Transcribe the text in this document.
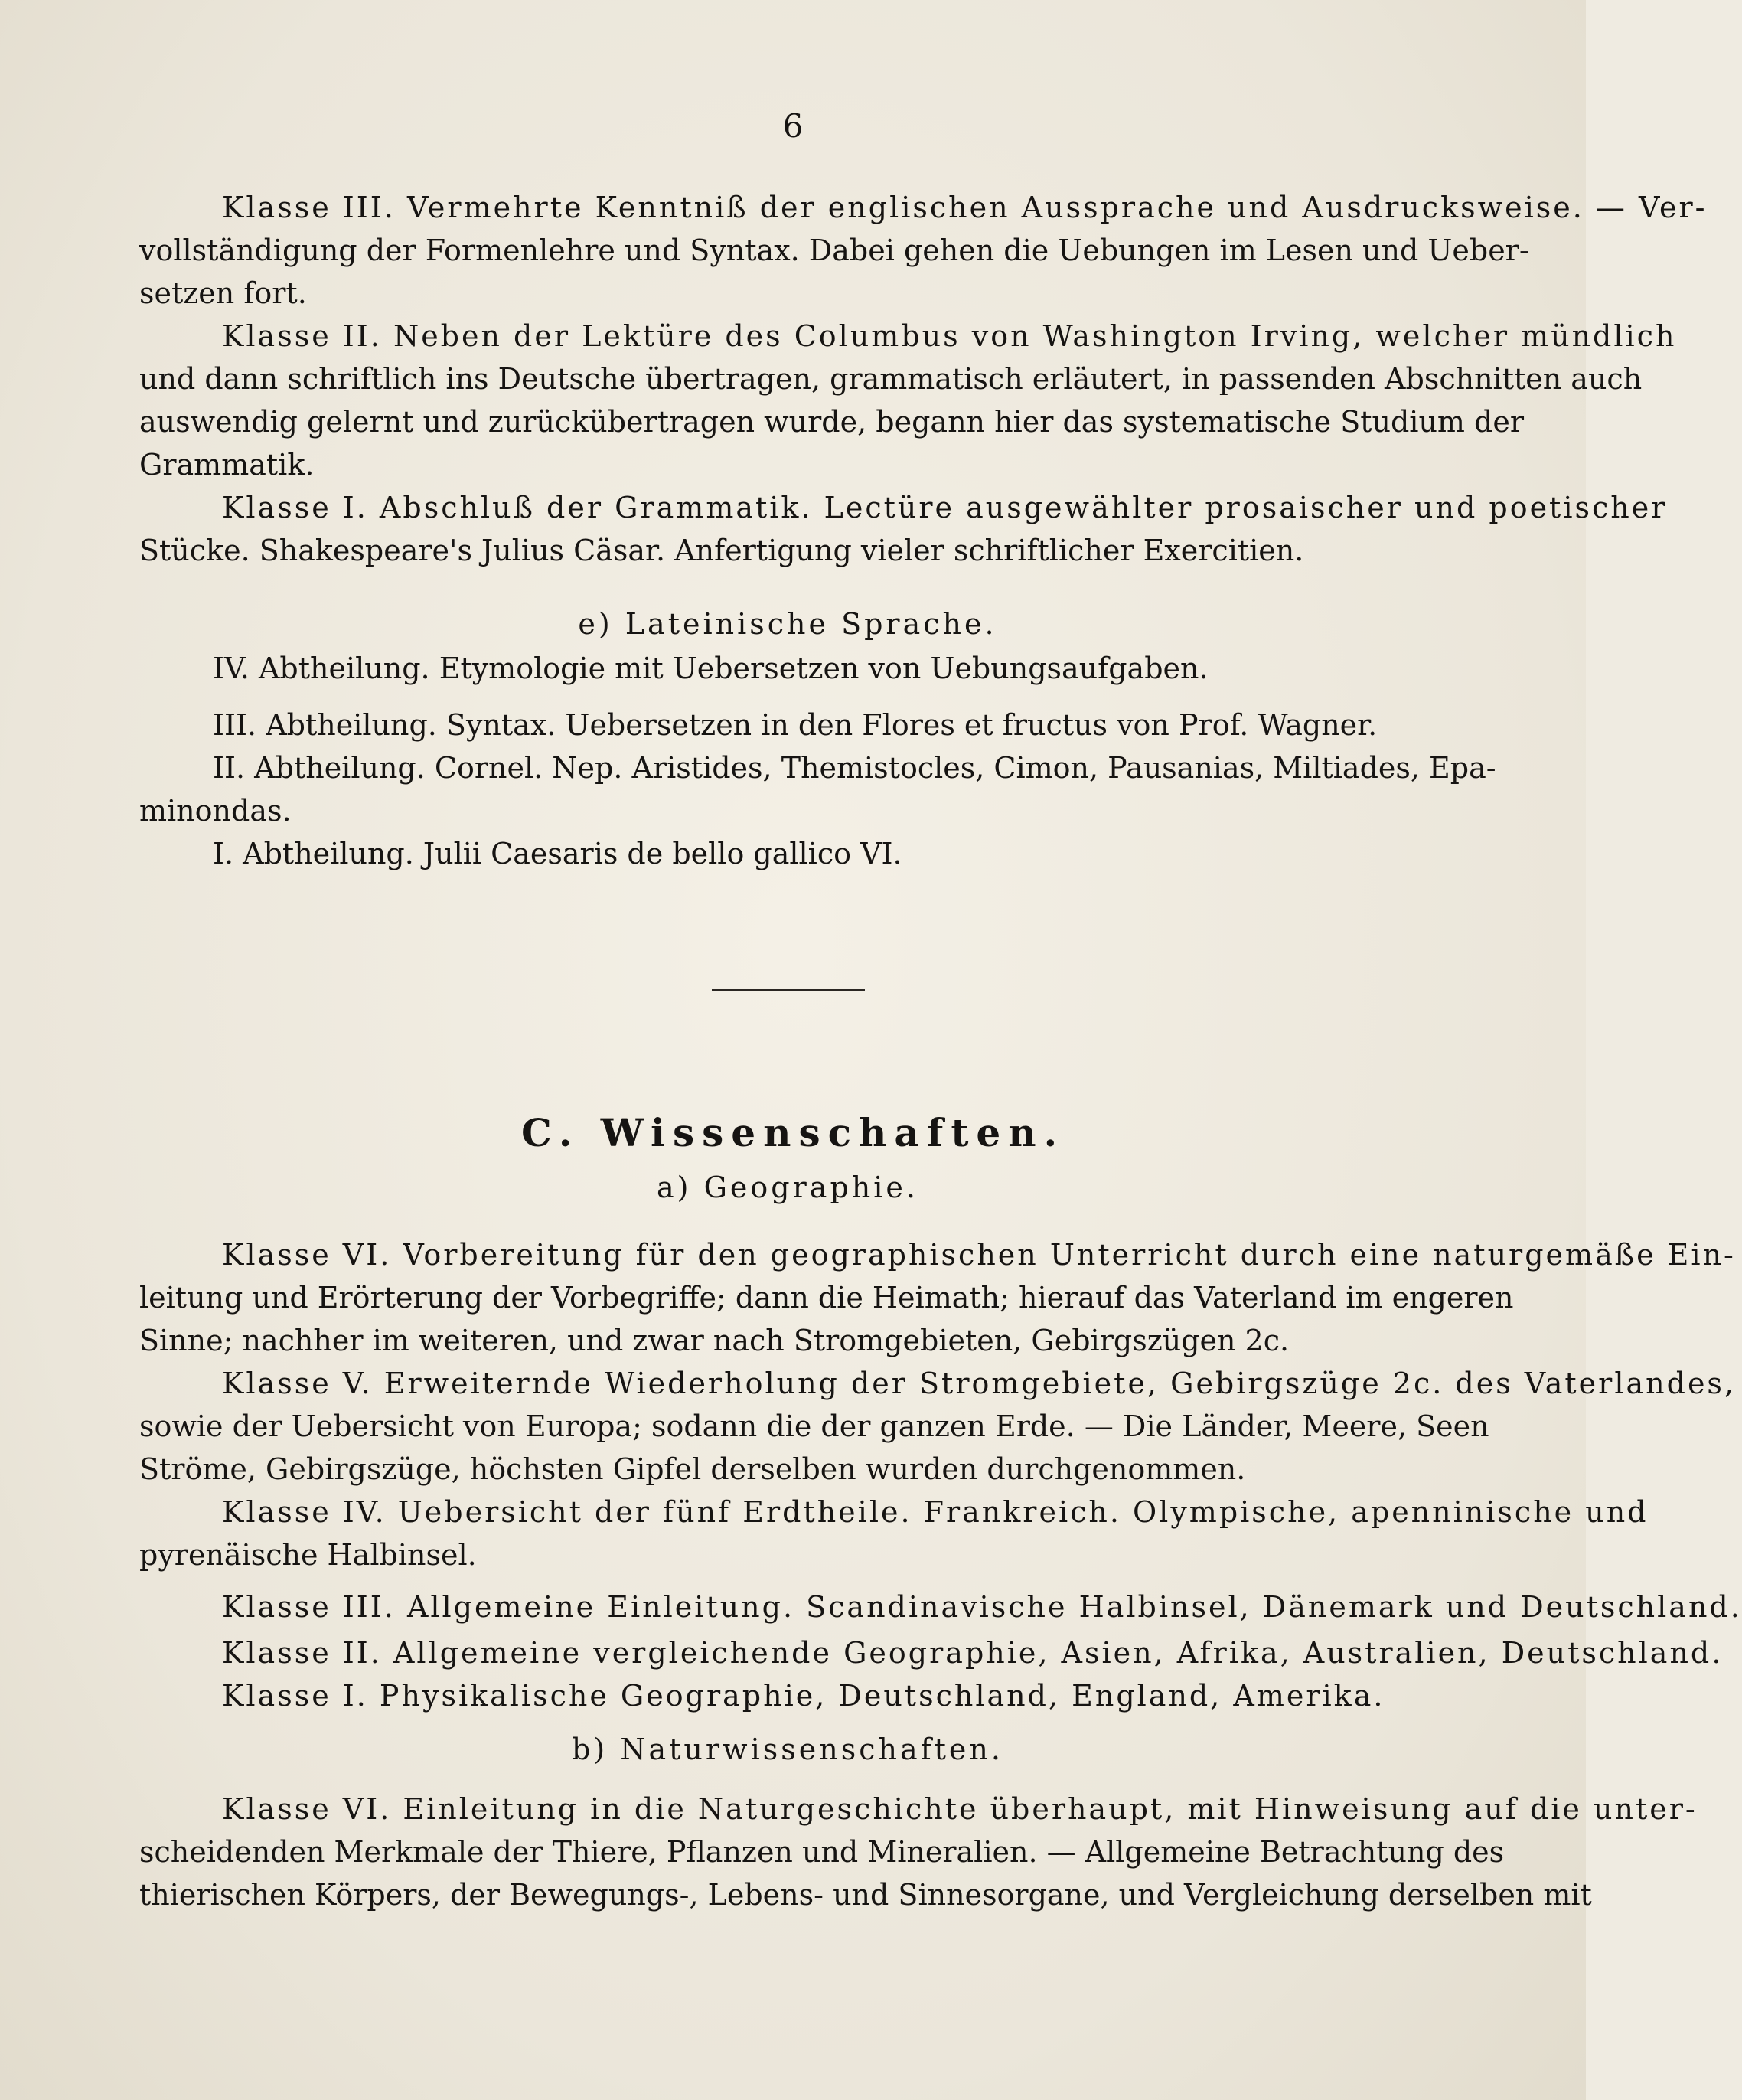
6
Klasse III. Vermehrte Kenntniß der englischen Aussprache und Ausdrucksweise. — Ver-
vollständigung der Formenlehre und Syntax. Dabei gehen die Uebungen im Lesen und Ueber-
setzen fort.
Klasse II. Neben der Lektüre des Columbus von Washington Irving, welcher mündlich
und dann schriftlich ins Deutsche übertragen, grammatisch erläutert, in passenden Abschnitten auch
auswendig gelernt und zurückübertragen wurde, begann hier das systematische Studium der
Grammatik.
Klasse I. Abschluß der Grammatik. Lectüre ausgewählter prosaischer und poetischer
Stücke. Shakespeare's Julius Cäsar. Anfertigung vieler schriftlicher Exercitien.
e) Lateinische Sprache.
IV. Abtheilung. Etymologie mit Uebersetzen von Uebungsaufgaben.
III. Abtheilung. Syntax. Uebersetzen in den Flores et fructus von Prof. Wagner.
II. Abtheilung. Cornel. Nep. Aristides, Themistocles, Cimon, Pausanias, Miltiades, Epa-
minondas.
I. Abtheilung. Julii Caesaris de bello gallico VI.
C. Wissenschaften.
a) Geographie.
Klasse VI. Vorbereitung für den geographischen Unterricht durch eine naturgemäße Ein-
leitung und Erörterung der Vorbegriffe; dann die Heimath; hierauf das Vaterland im engeren
Sinne; nachher im weiteren, und zwar nach Stromgebieten, Gebirgszügen 2c.
Klasse V. Erweiternde Wiederholung der Stromgebiete, Gebirgszüge 2c. des Vaterlandes,
sowie der Uebersicht von Europa; sodann die der ganzen Erde. — Die Länder, Meere, Seen
Ströme, Gebirgszüge, höchsten Gipfel derselben wurden durchgenommen.
Klasse IV. Uebersicht der fünf Erdtheile. Frankreich. Olympische, apenninische und
pyrenäische Halbinsel.
Klasse III. Allgemeine Einleitung. Scandinavische Halbinsel, Dänemark und Deutschland.
Klasse II. Allgemeine vergleichende Geographie, Asien, Afrika, Australien, Deutschland.
Klasse I. Physikalische Geographie, Deutschland, England, Amerika.
b) Naturwissenschaften.
Klasse VI. Einleitung in die Naturgeschichte überhaupt, mit Hinweisung auf die unter-
scheidenden Merkmale der Thiere, Pflanzen und Mineralien. — Allgemeine Betrachtung des
thierischen Körpers, der Bewegungs-, Lebens- und Sinnesorgane, und Vergleichung derselben mit
